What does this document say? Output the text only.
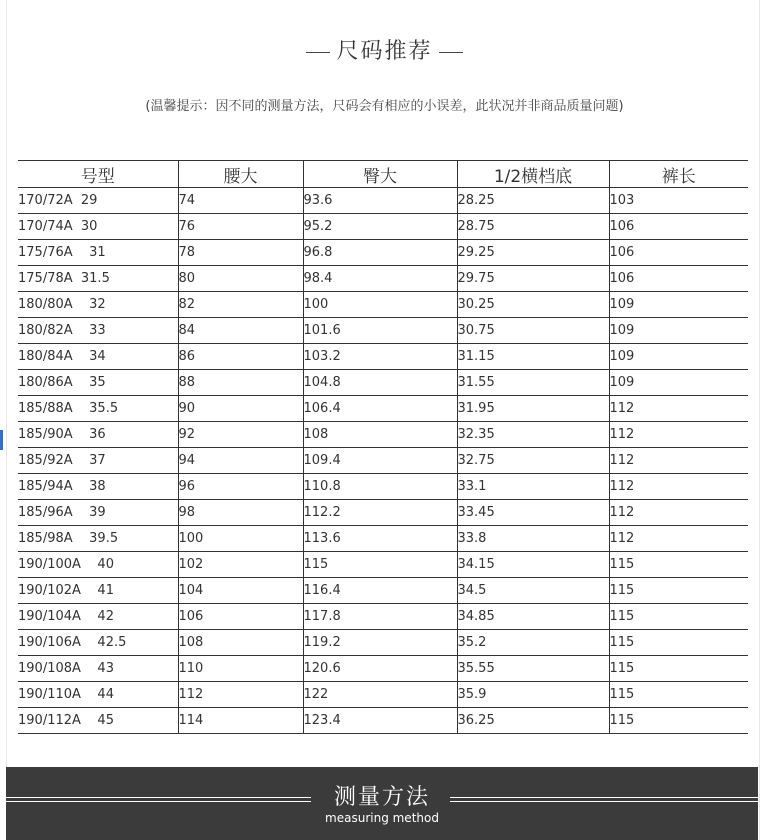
尺码推荐
(温馨提示：因不同的测量方法，尺码会有相应的小误差，此状况并非商品质量问题)
号型	腰大	臀大	1/2横档底	裤长
170/72A  29	74	93.6	28.25	103
170/74A  30	76	95.2	28.75	106
175/76A    31	78	96.8	29.25	106
175/78A  31.5	80	98.4	29.75	106
180/80A    32	82	100	30.25	109
180/82A    33	84	101.6	30.75	109
180/84A    34	86	103.2	31.15	109
180/86A    35	88	104.8	31.55	109
185/88A    35.5	90	106.4	31.95	112
185/90A    36	92	108	32.35	112
185/92A    37	94	109.4	32.75	112
185/94A    38	96	110.8	33.1	112
185/96A    39	98	112.2	33.45	112
185/98A    39.5	100	113.6	33.8	112
190/100A    40	102	115	34.15	115
190/102A    41	104	116.4	34.5	115
190/104A    42	106	117.8	34.85	115
190/106A    42.5	108	119.2	35.2	115
190/108A    43	110	120.6	35.55	115
190/110A    44	112	122	35.9	115
190/112A    45	114	123.4	36.25	115
测量方法
measuring method
